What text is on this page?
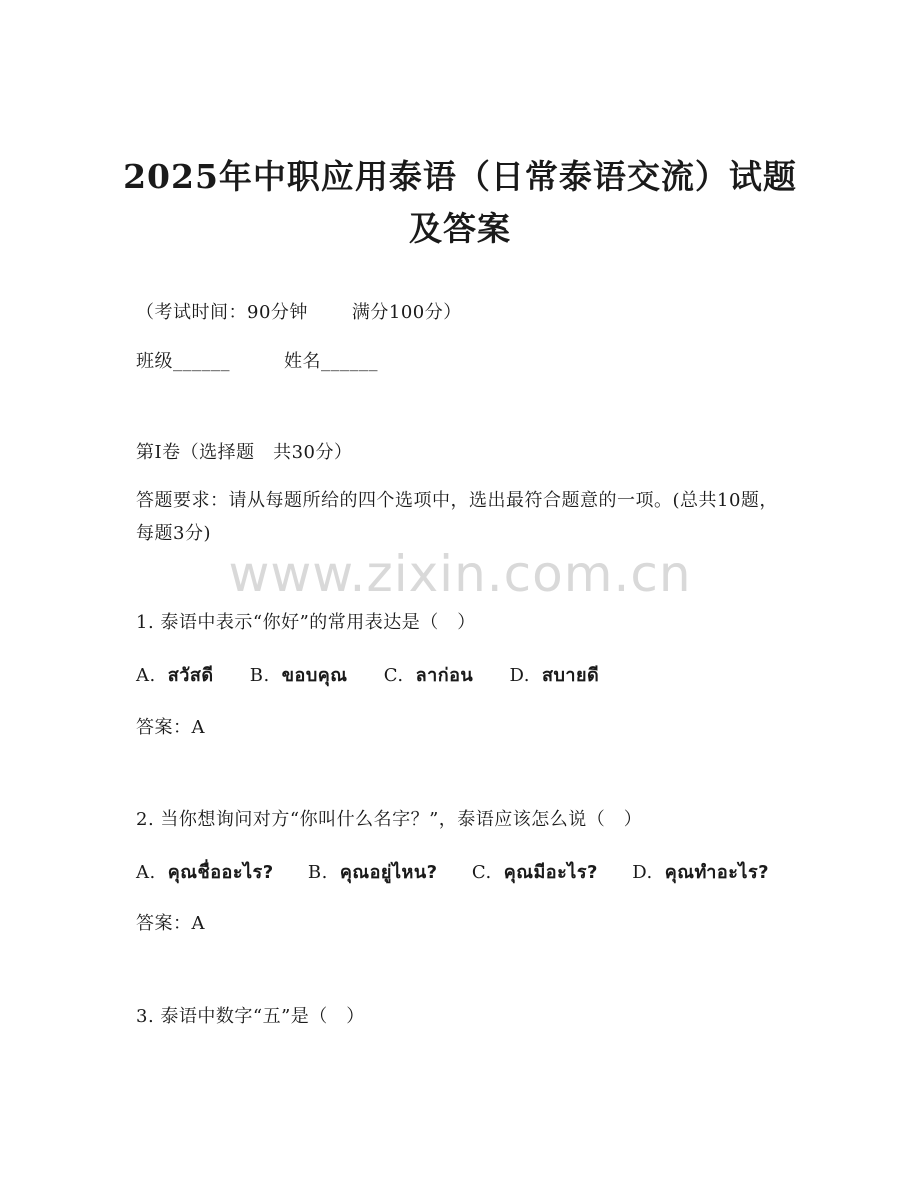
2025年中职应用泰语（日常泰语交流）试题
及答案
（考试时间：90分钟 满分100分）
班级______	姓名______
第I卷（选择题　共30分）
答题要求：请从每题所给的四个选项中，选出最符合题意的一项。(总共10题，每题3分)
www.zixin.com.cn
1. 泰语中表示“你好”的常用表达是（　）
A. สวัสดี B. ขอบคุณ C. ลาก่อน D. สบายดี
答案：A
2. 当你想询问对方“你叫什么名字？”，泰语应该怎么说（　）
A. คุณชื่ออะไร? B. คุณอยู่ไหน? C. คุณมีอะไร? D. คุณทำอะไร?
答案：A
3. 泰语中数字“五”是（　）
